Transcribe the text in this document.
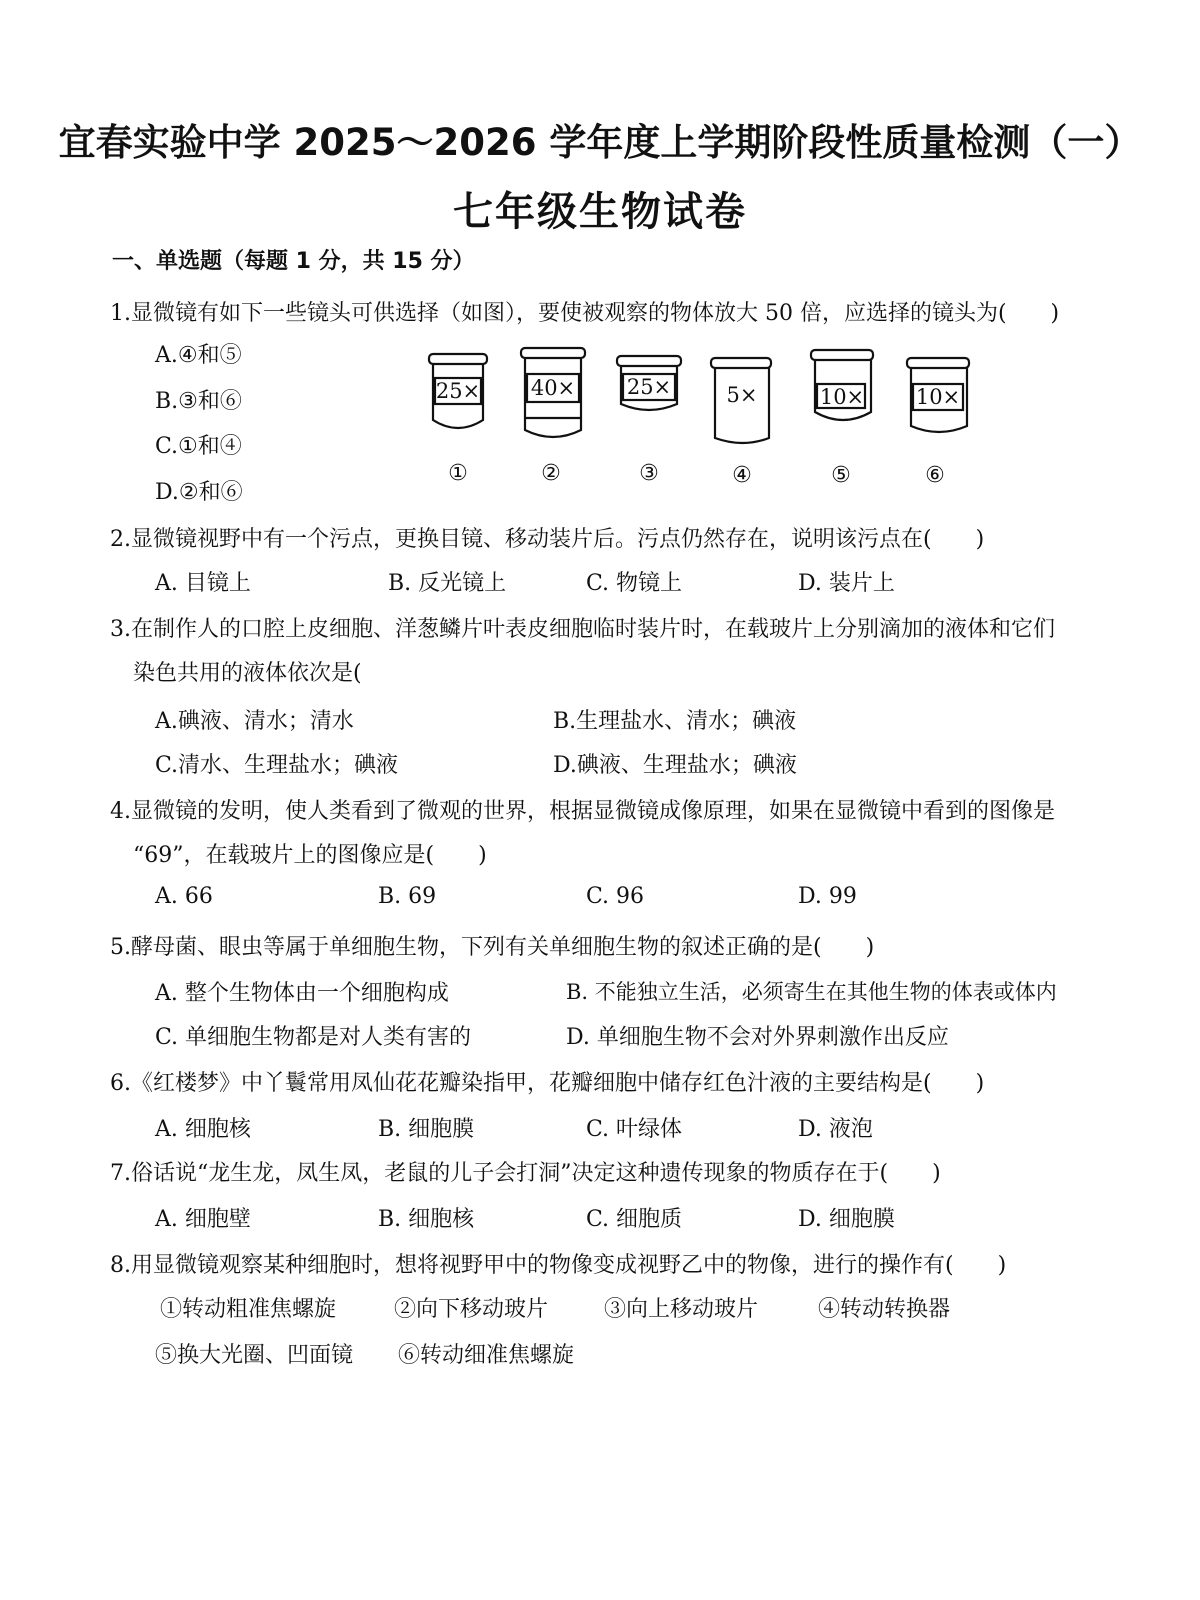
宜春实验中学 2025～2026 学年度上学期阶段性质量检测（一）
七年级生物试卷
一、单选题（每题 1 分，共 15 分）
1.显微镜有如下一些镜头可供选择（如图），要使被观察的物体放大 50 倍，应选择的镜头为(　　)
A.④和⑤
B.③和⑥
C.①和④
D.②和⑥
25× 40× 25×	5×	10× 10×
①	②	③	④	⑤	⑥
2.显微镜视野中有一个污点，更换目镜、移动装片后。污点仍然存在，说明该污点在(　　)
A. 目镜上	B. 反光镜上	C. 物镜上	D. 装片上
3.在制作人的口腔上皮细胞、洋葱鳞片叶表皮细胞临时装片时，在载玻片上分别滴加的液体和它们
染色共用的液体依次是(
A.碘液、清水；清水	B.生理盐水、清水；碘液
C.清水、生理盐水；碘液	D.碘液、生理盐水；碘液
4.显微镜的发明，使人类看到了微观的世界，根据显微镜成像原理，如果在显微镜中看到的图像是
“69”，在载玻片上的图像应是(　　)
A. 66	B. 69	C. 96	D. 99
5.酵母菌、眼虫等属于单细胞生物，下列有关单细胞生物的叙述正确的是(　　)
A. 整个生物体由一个细胞构成	B. 不能独立生活，必须寄生在其他生物的体表或体内
C. 单细胞生物都是对人类有害的	D. 单细胞生物不会对外界刺激作出反应
6.《红楼梦》中丫鬟常用凤仙花花瓣染指甲，花瓣细胞中储存红色汁液的主要结构是(　　)
A. 细胞核	B. 细胞膜	C. 叶绿体	D. 液泡
7.俗话说“龙生龙，凤生凤，老鼠的儿子会打洞”决定这种遗传现象的物质存在于(　　)
A. 细胞壁	B. 细胞核	C. 细胞质	D. 细胞膜
8.用显微镜观察某种细胞时，想将视野甲中的物像变成视野乙中的物像，进行的操作有(　　)
①转动粗准焦螺旋	②向下移动玻片	③向上移动玻片	④转动转换器
⑤换大光圈、凹面镜 ⑥转动细准焦螺旋
